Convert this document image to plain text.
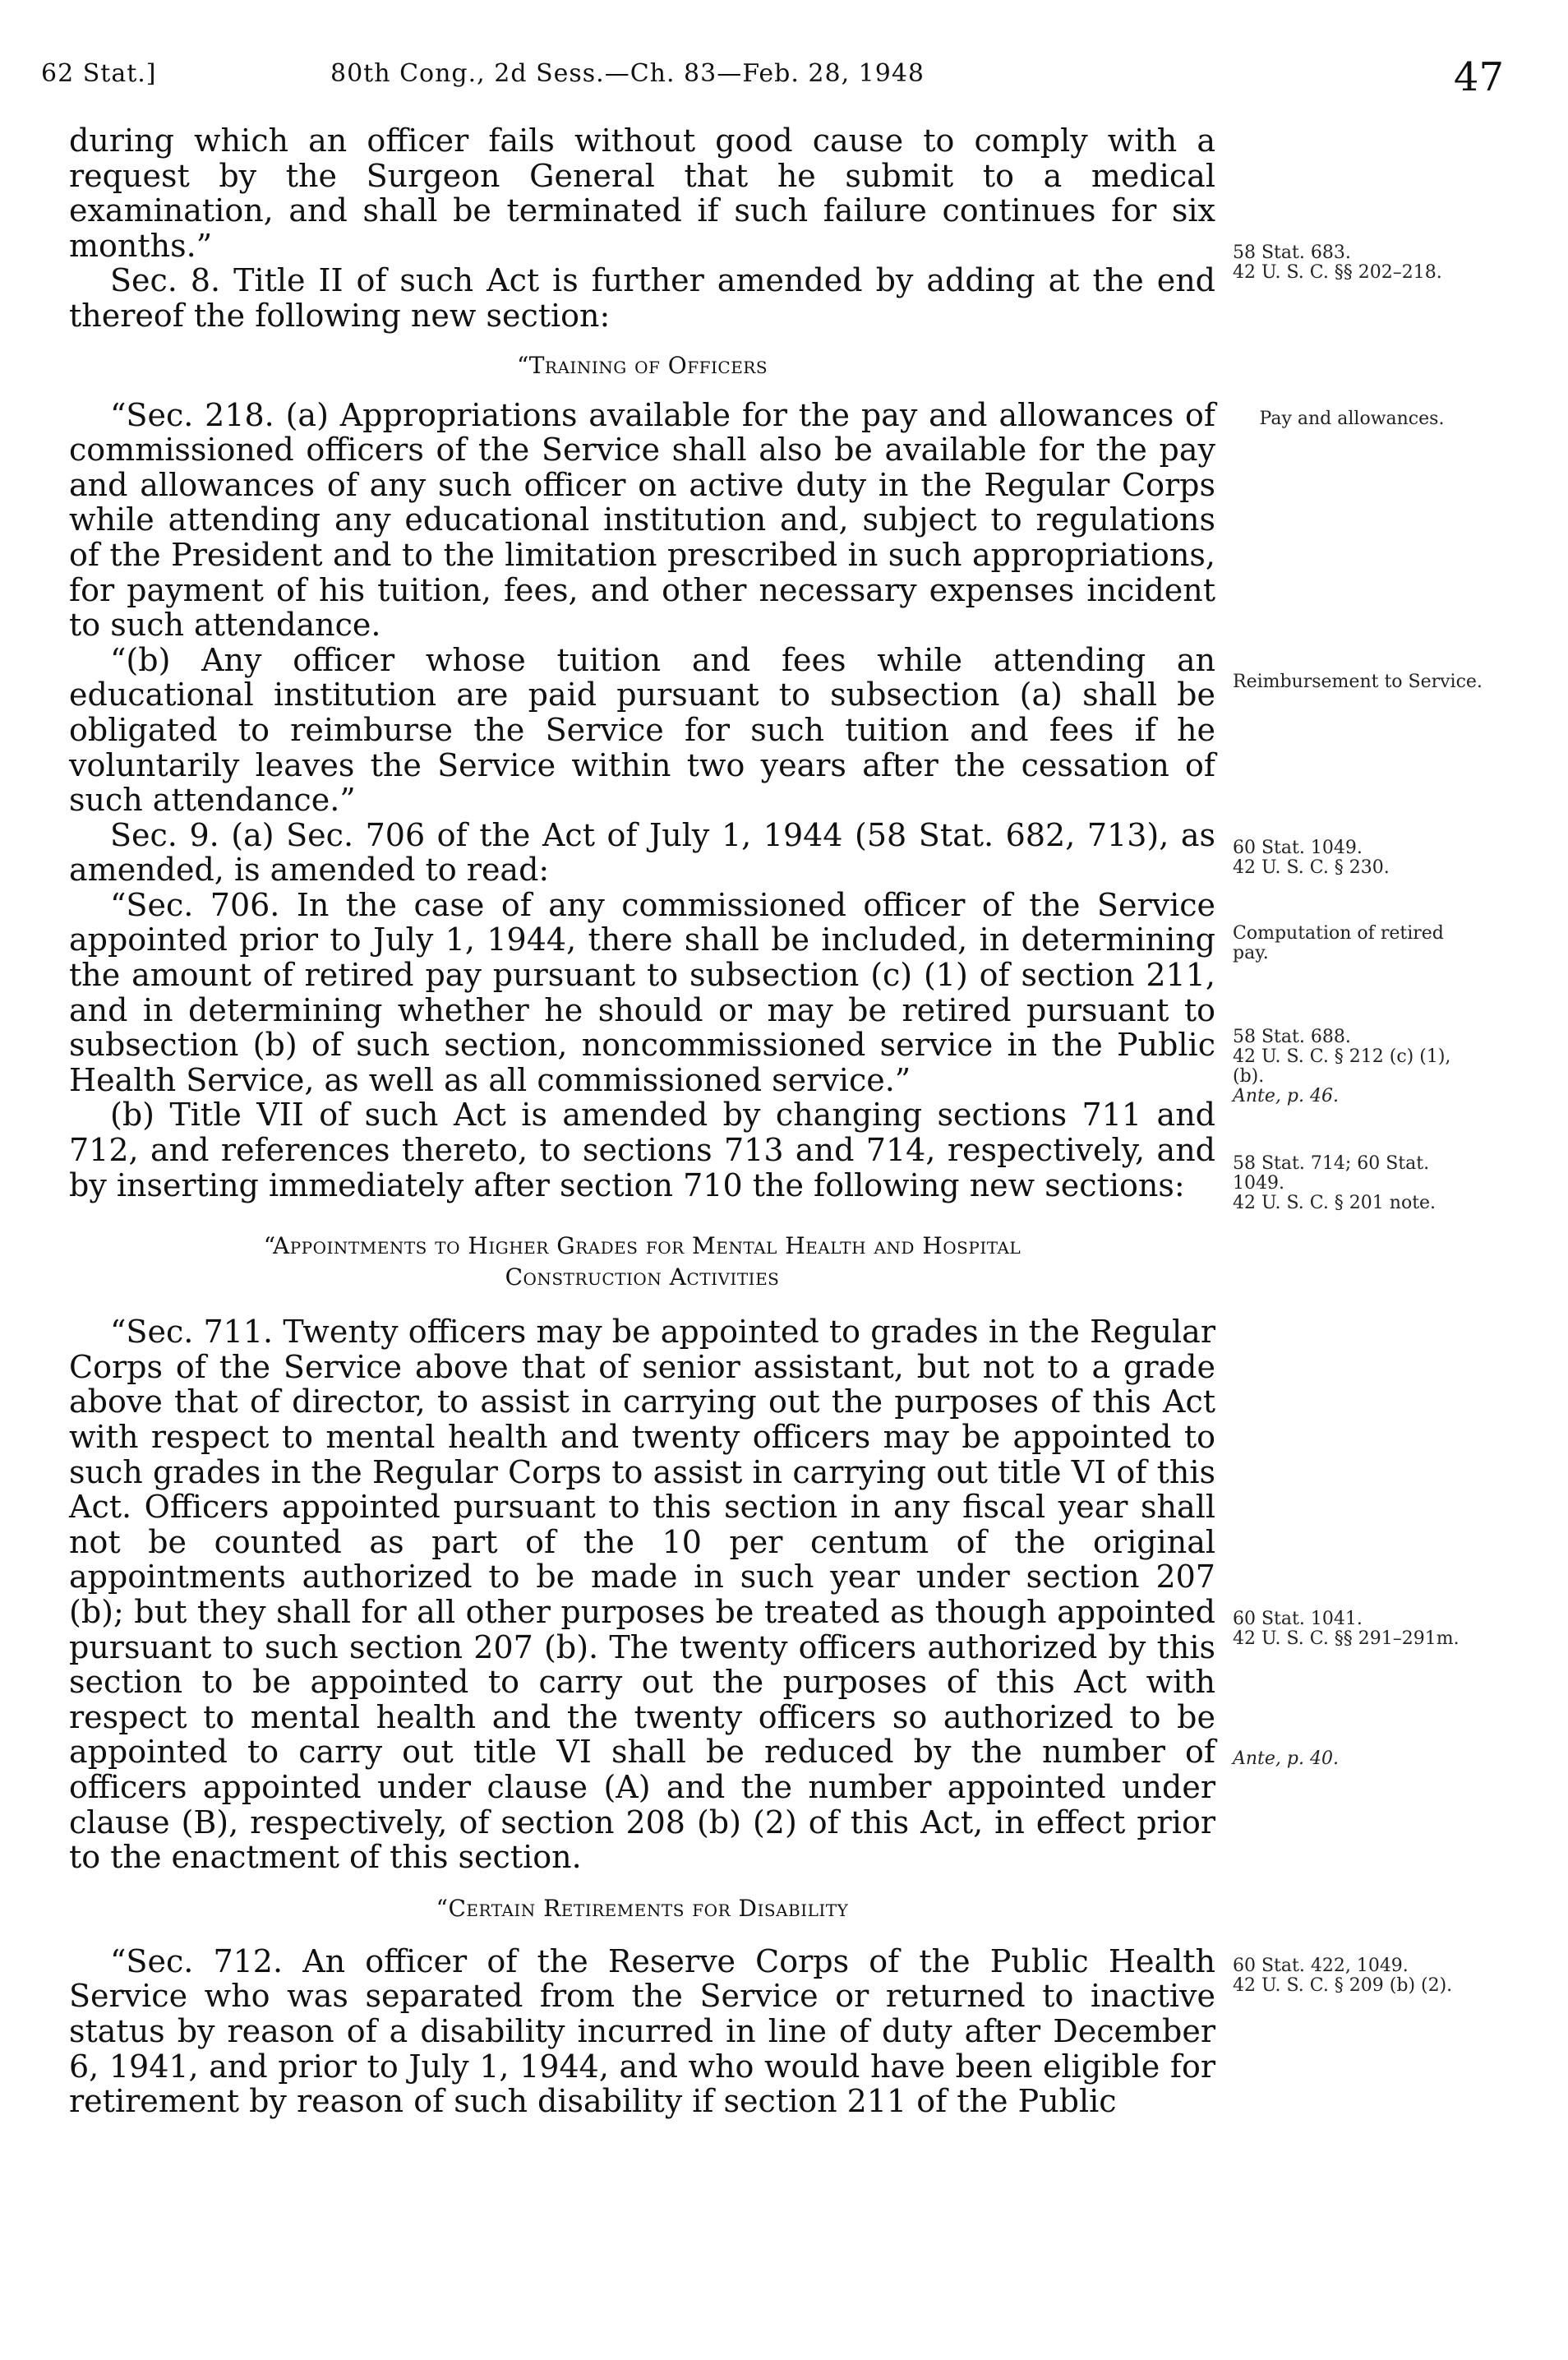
62 Stat.]	80th Cong., 2d Sess.—Ch. 83—Feb. 28, 1948	47

during which an officer fails without good cause to comply with a request by the Surgeon General that he submit to a medical examination, and shall be terminated if such failure continues for six months.”

Sec. 8. Title II of such Act is further amended by adding at the end thereof the following new section:

“Training of Officers

“Sec. 218. (a) Appropriations available for the pay and allowances of commissioned officers of the Service shall also be available for the pay and allowances of any such officer on active duty in the Regular Corps while attending any educational institution and, subject to regulations of the President and to the limitation prescribed in such appropriations, for payment of his tuition, fees, and other necessary expenses incident to such attendance.

“(b) Any officer whose tuition and fees while attending an educational institution are paid pursuant to subsection (a) shall be obligated to reimburse the Service for such tuition and fees if he voluntarily leaves the Service within two years after the cessation of such attendance.”

Sec. 9. (a) Sec. 706 of the Act of July 1, 1944 (58 Stat. 682, 713), as amended, is amended to read:

“Sec. 706. In the case of any commissioned officer of the Service appointed prior to July 1, 1944, there shall be included, in determining the amount of retired pay pursuant to subsection (c) (1) of section 211, and in determining whether he should or may be retired pursuant to subsection (b) of such section, noncommissioned service in the Public Health Service, as well as all commissioned service.”

(b) Title VII of such Act is amended by changing sections 711 and 712, and references thereto, to sections 713 and 714, respectively, and by inserting immediately after section 710 the following new sections:

“Appointments to Higher Grades for Mental Health and Hospital

Construction Activities

“Sec. 711. Twenty officers may be appointed to grades in the Regular Corps of the Service above that of senior assistant, but not to a grade above that of director, to assist in carrying out the purposes of this Act with respect to mental health and twenty officers may be appointed to such grades in the Regular Corps to assist in carrying out title VI of this Act. Officers appointed pursuant to this section in any fiscal year shall not be counted as part of the 10 per centum of the original appointments authorized to be made in such year under section 207 (b); but they shall for all other purposes be treated as though appointed pursuant to such section 207 (b). The twenty officers authorized by this section to be appointed to carry out the purposes of this Act with respect to mental health and the twenty officers so authorized to be appointed to carry out title VI shall be reduced by the number of officers appointed under clause (A) and the number appointed under clause (B), respectively, of section 208 (b) (2) of this Act, in effect prior to the enactment of this section.

“Certain Retirements for Disability

“Sec. 712. An officer of the Reserve Corps of the Public Health Service who was separated from the Service or returned to inactive status by reason of a disability incurred in line of duty after December 6, 1941, and prior to July 1, 1944, and who would have been eligible for retirement by reason of such disability if section 211 of the Public

58 Stat. 683.
42 U. S. C. §§ 202–218.
Pay and allowances.
Reimbursement to Service.
60 Stat. 1049.
42 U. S. C. § 230.
Computation of retired pay.
58 Stat. 688.
42 U. S. C. § 212 (c) (1), (b).
Ante, p. 46.
58 Stat. 714; 60 Stat. 1049.
42 U. S. C. § 201 note.
60 Stat. 1041.
42 U. S. C. §§ 291–291m.
Ante, p. 40.
60 Stat. 422, 1049.
42 U. S. C. § 209 (b) (2).
